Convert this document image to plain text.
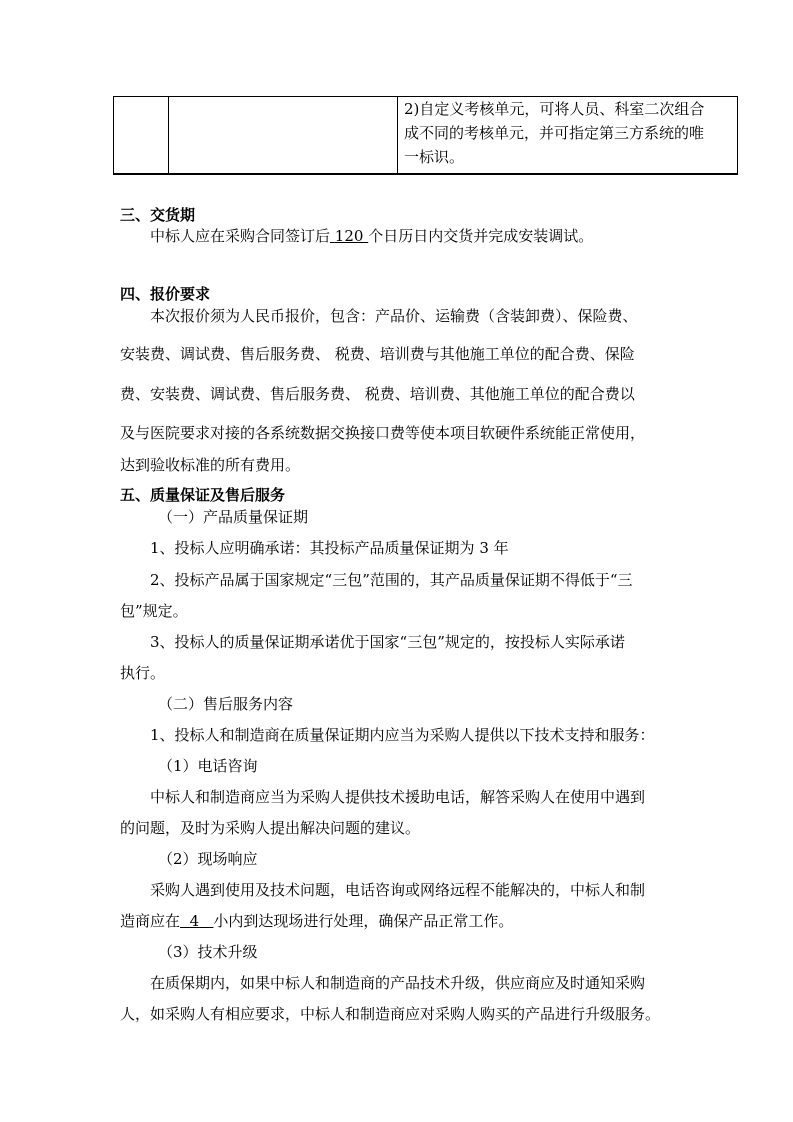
2)自定义考核单元，可将人员、科室二次组合
成不同的考核单元，并可指定第三方系统的唯
一标识。
三、交货期
中标人应在采购合同签订后 120 个日历日内交货并完成安装调试。
四、报价要求
本次报价须为人民币报价，包含：产品价、运输费（含装卸费）、保险费、
安装费、调试费、售后服务费、 税费、培训费与其他施工单位的配合费、保险
费、安装费、调试费、售后服务费、 税费、培训费、其他施工单位的配合费以
及与医院要求对接的各系统数据交换接口费等使本项目软硬件系统能正常使用，
达到验收标准的所有费用。
五、质量保证及售后服务
（一）产品质量保证期
1、投标人应明确承诺：其投标产品质量保证期为 3 年
2、投标产品属于国家规定“三包”范围的，其产品质量保证期不得低于“三
包”规定。
3、投标人的质量保证期承诺优于国家“三包”规定的，按投标人实际承诺
执行。
（二）售后服务内容
1、投标人和制造商在质量保证期内应当为采购人提供以下技术支持和服务：
（1）电话咨询
中标人和制造商应当为采购人提供技术援助电话，解答采购人在使用中遇到
的问题，及时为采购人提出解决问题的建议。
（2）现场响应
采购人遇到使用及技术问题，电话咨询或网络远程不能解决的，中标人和制
造商应在 4 小内到达现场进行处理，确保产品正常工作。
（3）技术升级
在质保期内，如果中标人和制造商的产品技术升级，供应商应及时通知采购
人，如采购人有相应要求，中标人和制造商应对采购人购买的产品进行升级服务。
